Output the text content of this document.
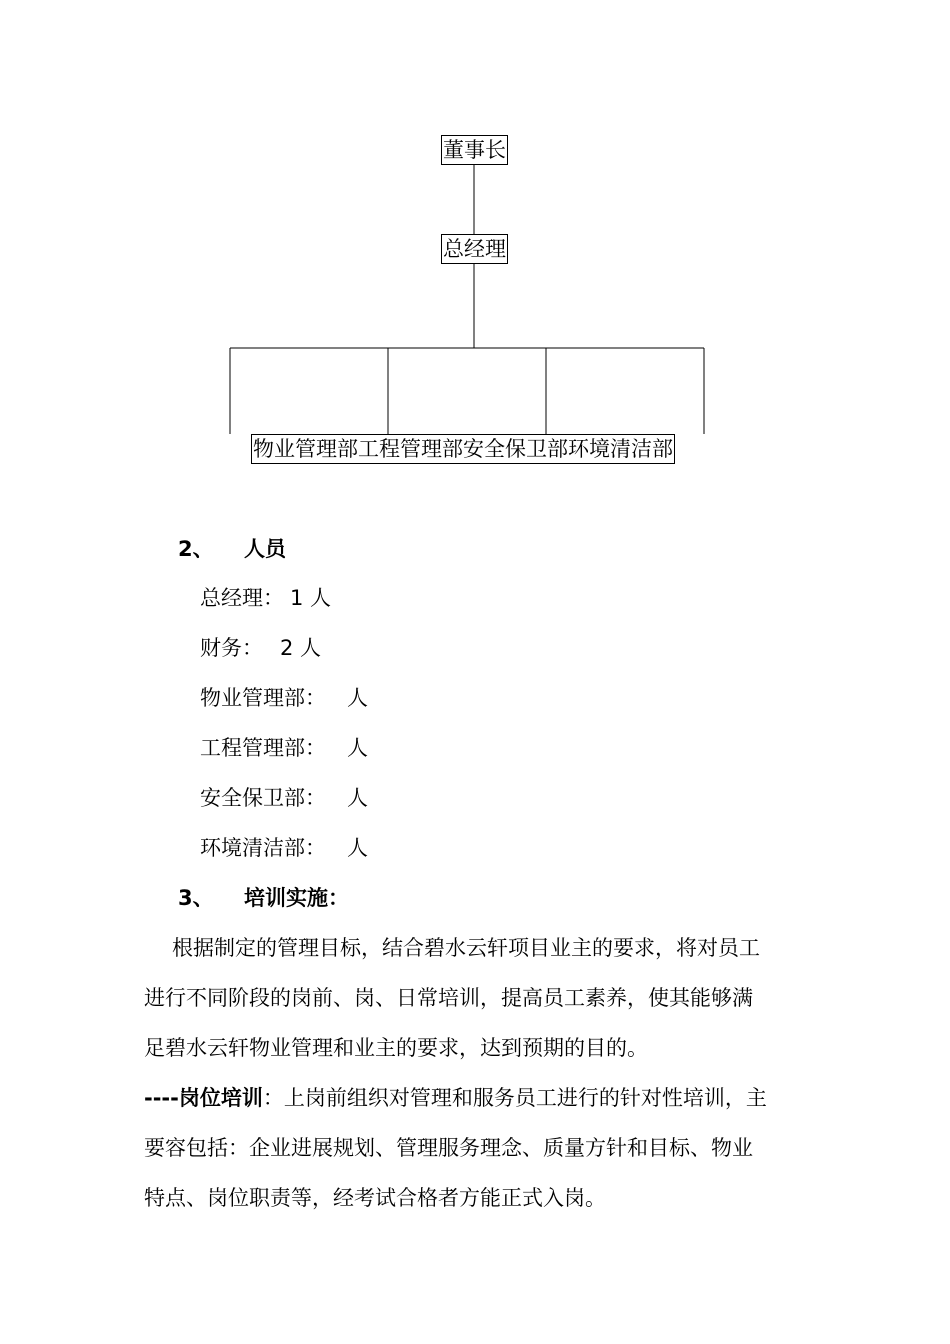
董事长
总经理
物业管理部工程管理部安全保卫部环境清洁部
2、 人员
总经理： 1 人
财务： 2 人
物业管理部： 人
工程管理部： 人
安全保卫部： 人
环境清洁部： 人
3、 培训实施：
根据制定的管理目标，结合碧水云轩项目业主的要求，将对员工
进行不同阶段的岗前、岗、日常培训，提高员工素养，使其能够满
足碧水云轩物业管理和业主的要求，达到预期的目的。
----岗位培训：上岗前组织对管理和服务员工进行的针对性培训，主
要容包括：企业进展规划、管理服务理念、质量方针和目标、物业
特点、岗位职责等，经考试合格者方能正式入岗。
